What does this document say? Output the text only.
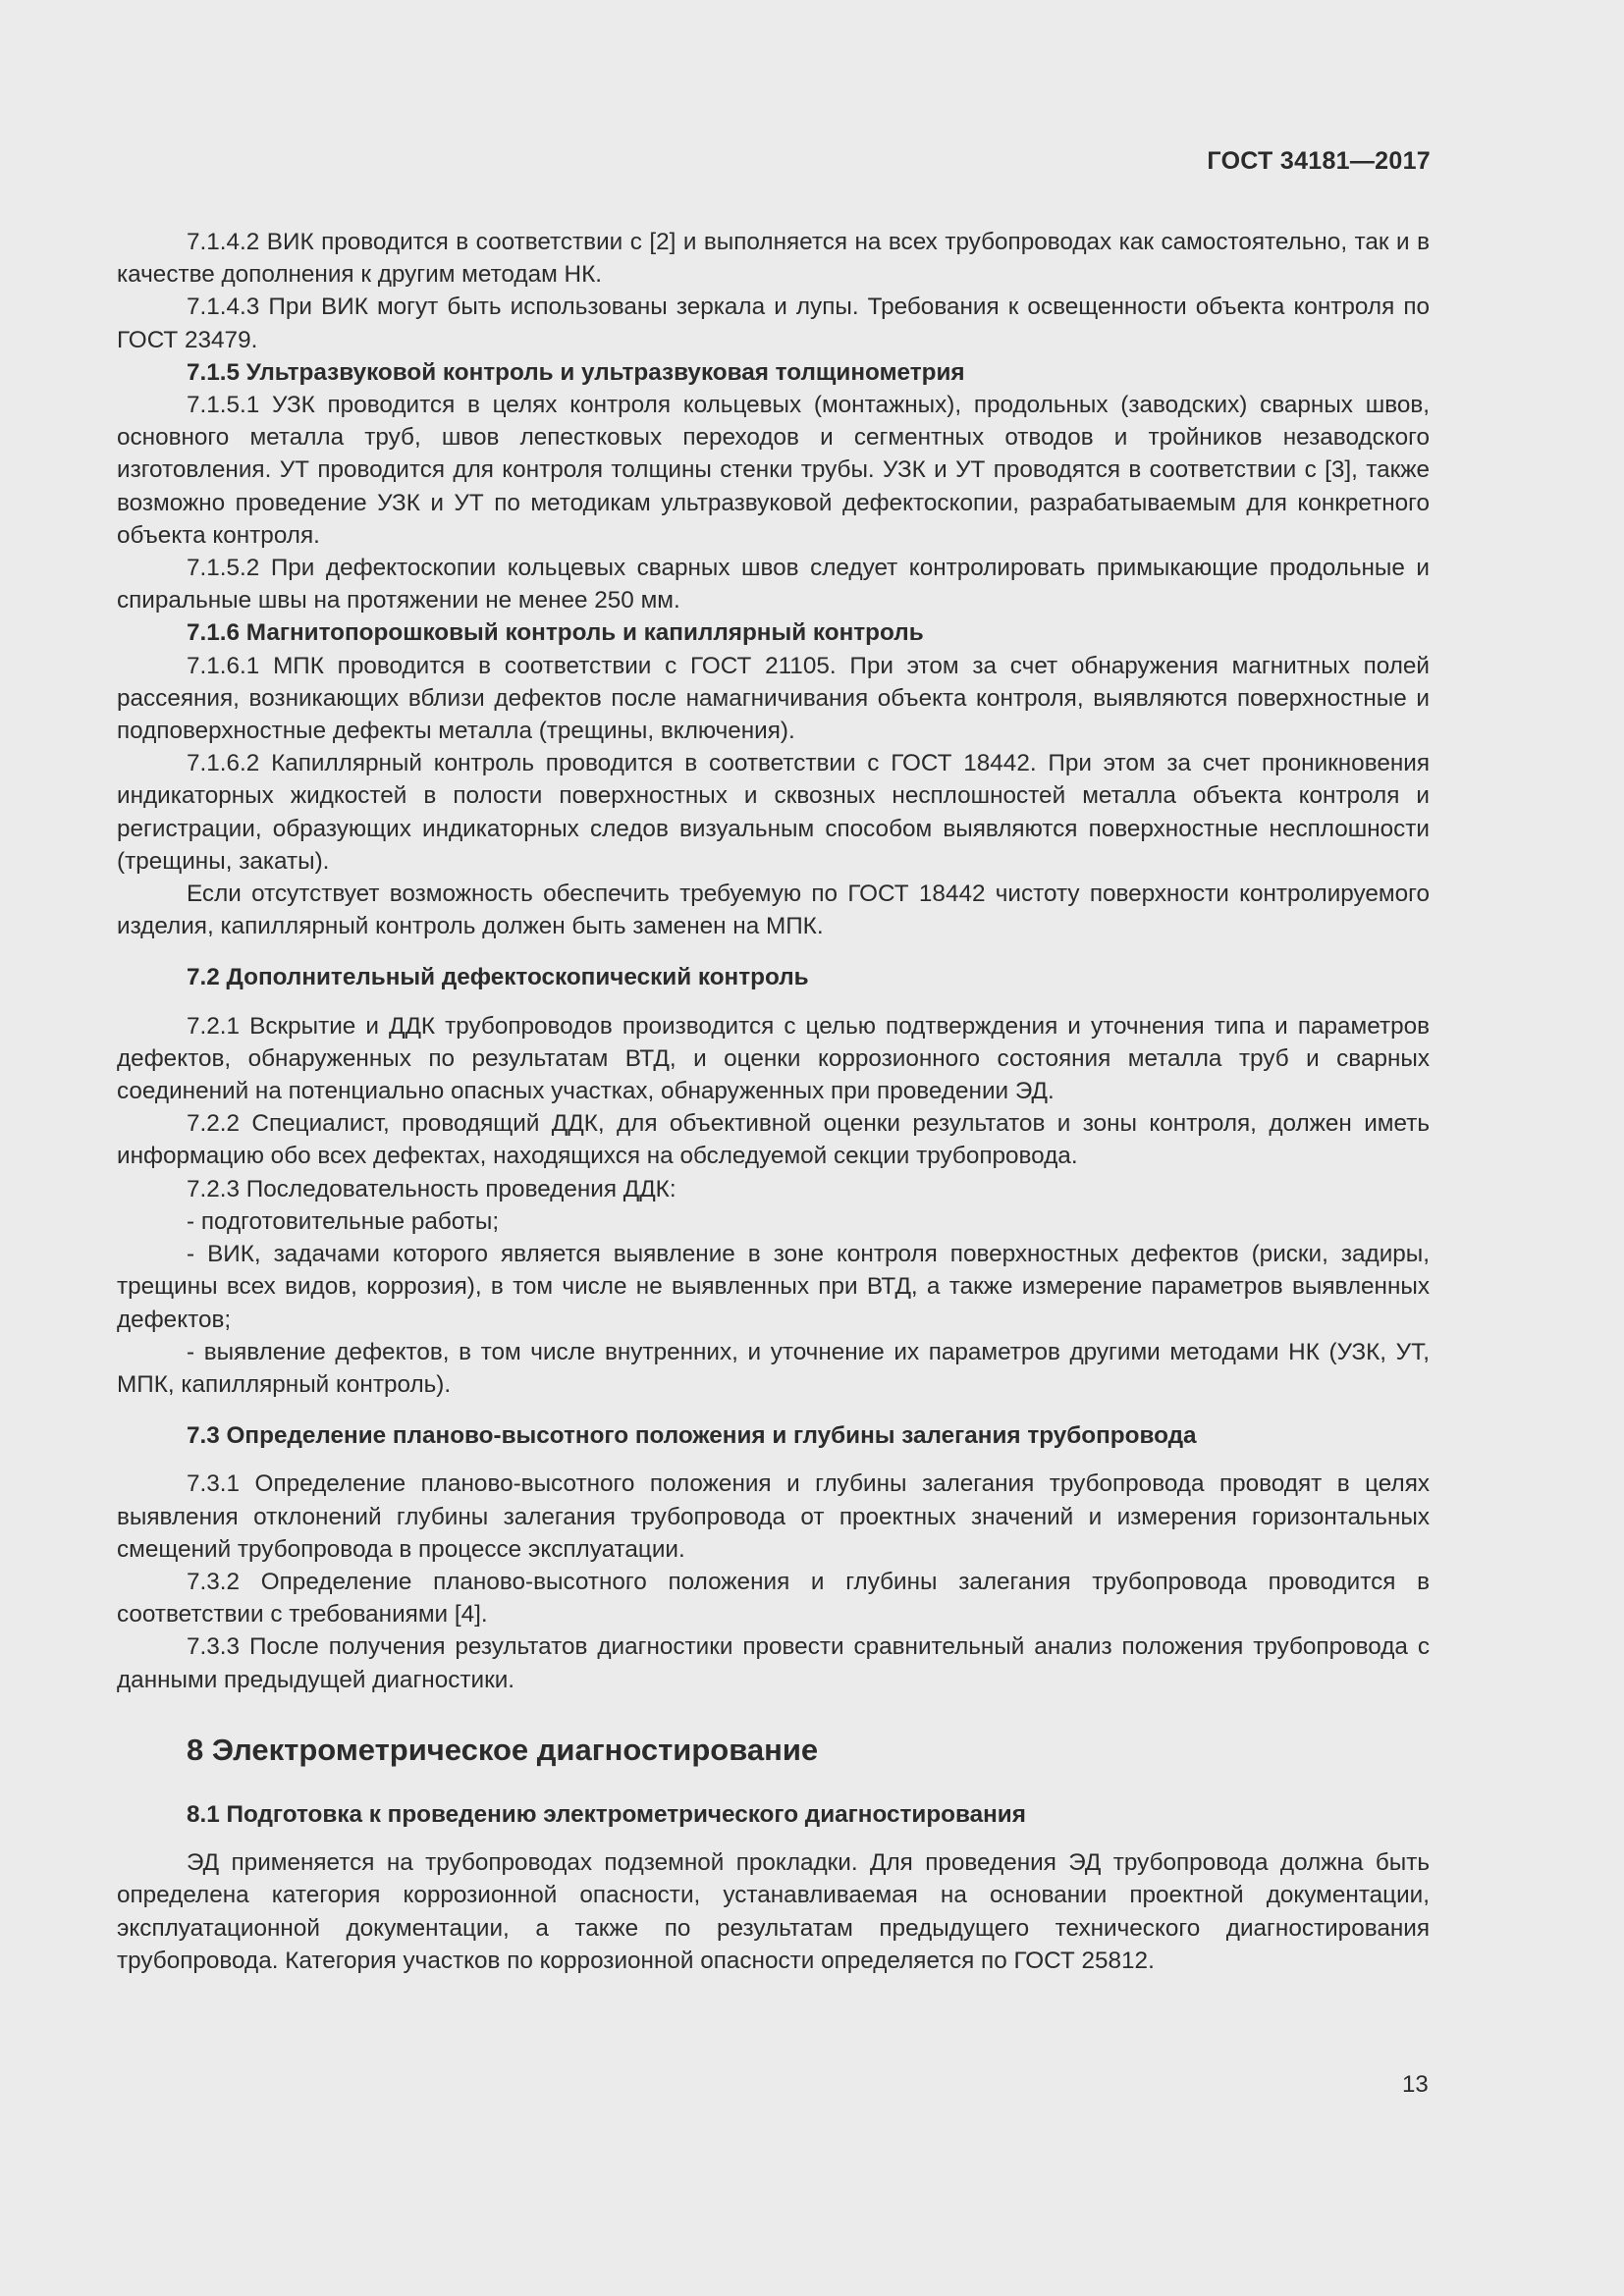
ГОСТ 34181—2017

7.1.4.2 ВИК проводится в соответствии с [2] и выполняется на всех трубопроводах как самостоятельно, так и в качестве дополнения к другим методам НК.

7.1.4.3 При ВИК могут быть использованы зеркала и лупы. Требования к освещенности объекта контроля по ГОСТ 23479.

7.1.5 Ультразвуковой контроль и ультразвуковая толщинометрия

7.1.5.1 УЗК проводится в целях контроля кольцевых (монтажных), продольных (заводских) сварных швов, основного металла труб, швов лепестковых переходов и сегментных отводов и тройников незаводского изготовления. УТ проводится для контроля толщины стенки трубы. УЗК и УТ проводятся в соответствии с [3], также возможно проведение УЗК и УТ по методикам ультразвуковой дефектоскопии, разрабатываемым для конкретного объекта контроля.

7.1.5.2 При дефектоскопии кольцевых сварных швов следует контролировать примыкающие продольные и спиральные швы на протяжении не менее 250 мм.

7.1.6 Магнитопорошковый контроль и капиллярный контроль

7.1.6.1 МПК проводится в соответствии с ГОСТ 21105. При этом за счет обнаружения магнитных полей рассеяния, возникающих вблизи дефектов после намагничивания объекта контроля, выявляются поверхностные и подповерхностные дефекты металла (трещины, включения).

7.1.6.2 Капиллярный контроль проводится в соответствии с ГОСТ 18442. При этом за счет проникновения индикаторных жидкостей в полости поверхностных и сквозных несплошностей металла объекта контроля и регистрации, образующих индикаторных следов визуальным способом выявляются поверхностные несплошности (трещины, закаты).

Если отсутствует возможность обеспечить требуемую по ГОСТ 18442 чистоту поверхности контролируемого изделия, капиллярный контроль должен быть заменен на МПК.

7.2 Дополнительный дефектоскопический контроль

7.2.1 Вскрытие и ДДК трубопроводов производится с целью подтверждения и уточнения типа и параметров дефектов, обнаруженных по результатам ВТД, и оценки коррозионного состояния металла труб и сварных соединений на потенциально опасных участках, обнаруженных при проведении ЭД.

7.2.2 Специалист, проводящий ДДК, для объективной оценки результатов и зоны контроля, должен иметь информацию обо всех дефектах, находящихся на обследуемой секции трубопровода.

7.2.3 Последовательность проведения ДДК:

- подготовительные работы;

- ВИК, задачами которого является выявление в зоне контроля поверхностных дефектов (риски, задиры, трещины всех видов, коррозия), в том числе не выявленных при ВТД, а также измерение параметров выявленных дефектов;

- выявление дефектов, в том числе внутренних, и уточнение их параметров другими методами НК (УЗК, УТ, МПК, капиллярный контроль).

7.3 Определение планово-высотного положения и глубины залегания трубопровода

7.3.1 Определение планово-высотного положения и глубины залегания трубопровода проводят в целях выявления отклонений глубины залегания трубопровода от проектных значений и измерения горизонтальных смещений трубопровода в процессе эксплуатации.

7.3.2 Определение планово-высотного положения и глубины залегания трубопровода проводится в соответствии с требованиями [4].

7.3.3 После получения результатов диагностики провести сравнительный анализ положения трубопровода с данными предыдущей диагностики.

8 Электрометрическое диагностирование

8.1 Подготовка к проведению электрометрического диагностирования

ЭД применяется на трубопроводах подземной прокладки. Для проведения ЭД трубопровода должна быть определена категория коррозионной опасности, устанавливаемая на основании проектной документации, эксплуатационной документации, а также по результатам предыдущего технического диагностирования трубопровода. Категория участков по коррозионной опасности определяется по ГОСТ 25812.

13
